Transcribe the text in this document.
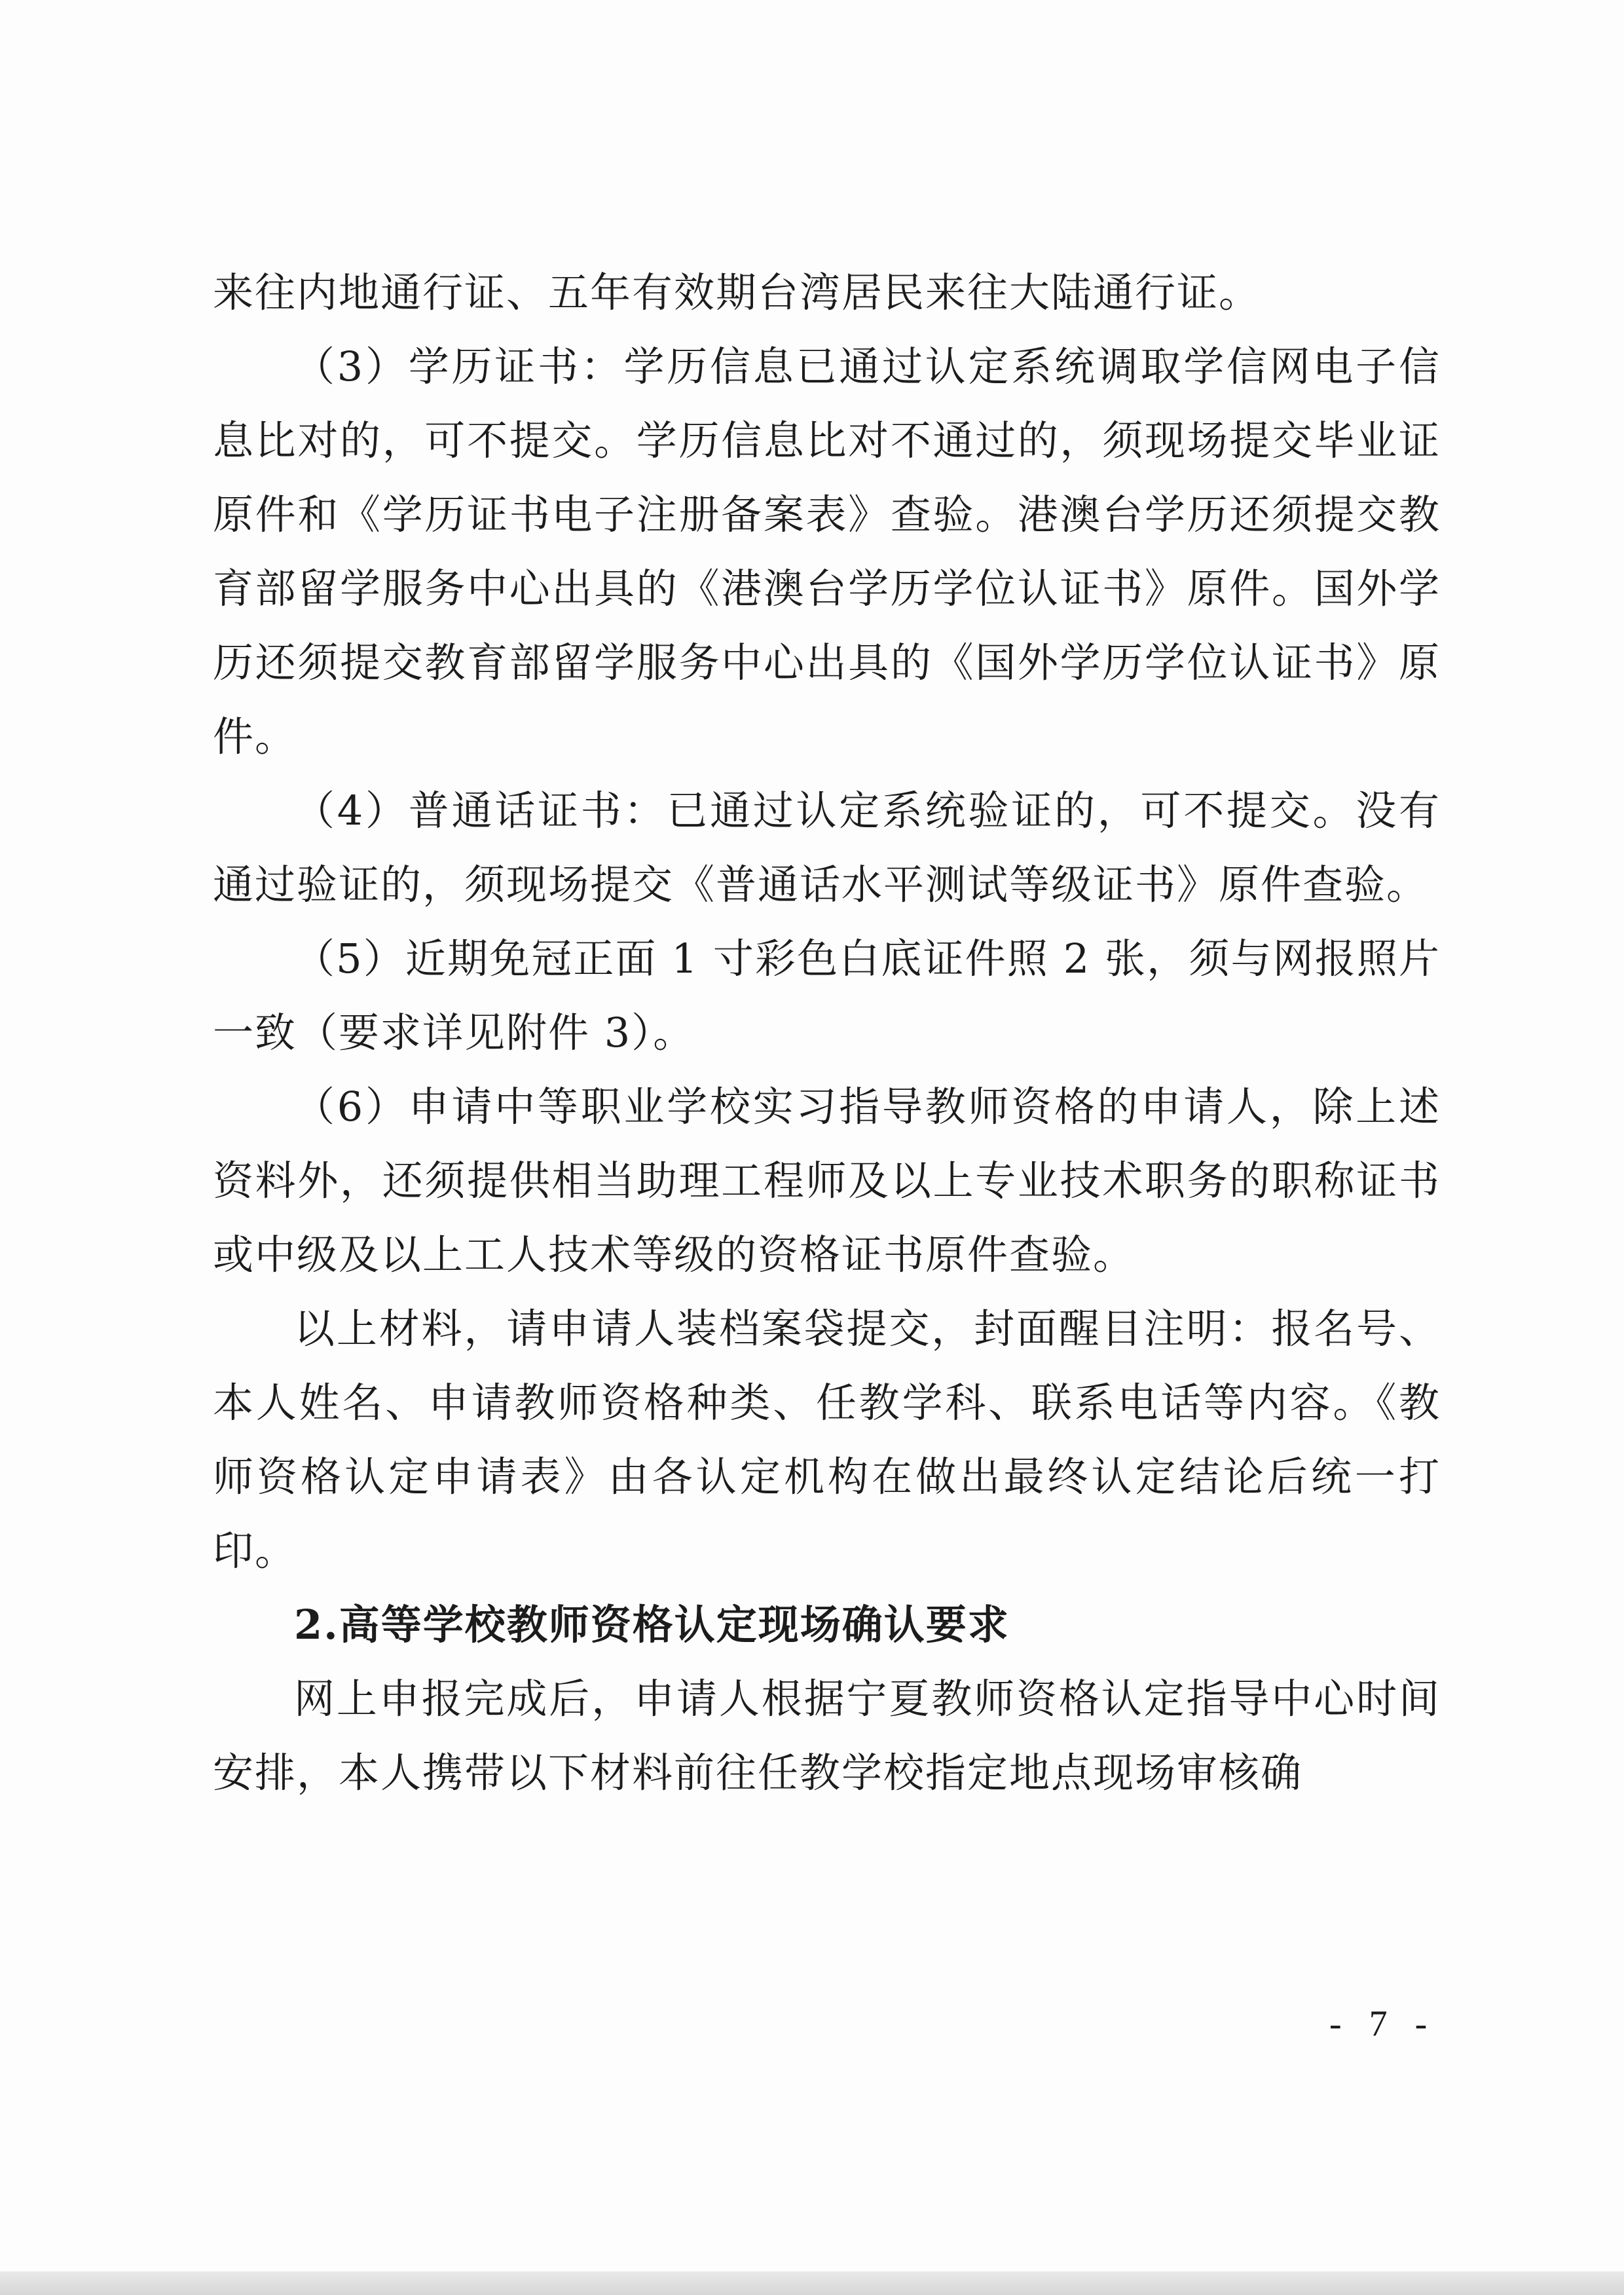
来往内地通行证、五年有效期台湾居民来往大陆通行证。

（3）学历证书：学历信息已通过认定系统调取学信网电子信息比对的，可不提交。学历信息比对不通过的，须现场提交毕业证原件和《学历证书电子注册备案表》查验。港澳台学历还须提交教育部留学服务中心出具的《港澳台学历学位认证书》原件。国外学历还须提交教育部留学服务中心出具的《国外学历学位认证书》原件。

（4）普通话证书：已通过认定系统验证的，可不提交。没有通过验证的，须现场提交《普通话水平测试等级证书》原件查验。

（5）近期免冠正面 1 寸彩色白底证件照 2 张，须与网报照片一致（要求详见附件 3）。

（6）申请中等职业学校实习指导教师资格的申请人，除上述资料外，还须提供相当助理工程师及以上专业技术职务的职称证书或中级及以上工人技术等级的资格证书原件查验。

以上材料，请申请人装档案袋提交，封面醒目注明：报名号、本人姓名、申请教师资格种类、任教学科、联系电话等内容。《教师资格认定申请表》由各认定机构在做出最终认定结论后统一打印。

2.高等学校教师资格认定现场确认要求

网上申报完成后，申请人根据宁夏教师资格认定指导中心时间安排，本人携带以下材料前往任教学校指定地点现场审核确

- 7 -
